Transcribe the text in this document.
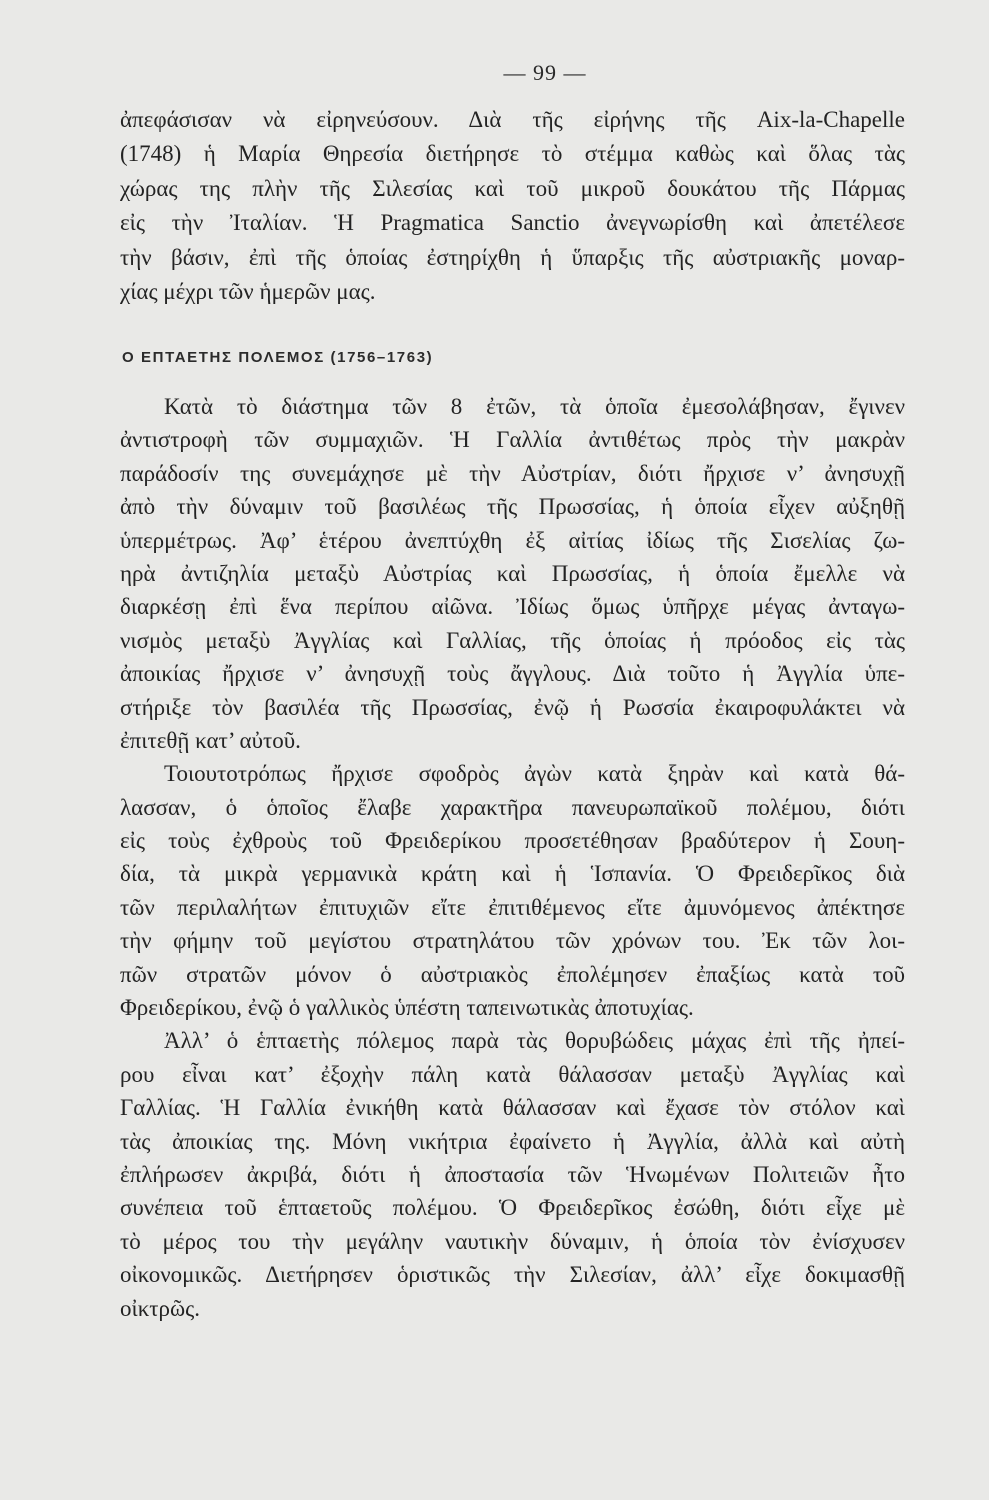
— 99 —
ἀπεφάσισαν νὰ εἰρηνεύσουν. Διὰ τῆς εἰρήνης τῆς Aix-la-Chapelle
(1748) ἡ Μαρία Θηρεσία διετήρησε τὸ στέμμα καθὼς καὶ ὅλας τὰς
χώρας της πλὴν τῆς Σιλεσίας καὶ τοῦ μικροῦ δουκάτου τῆς Πάρμας
εἰς τὴν Ἰταλίαν. Ἡ Pragmatica Sanctio ἀνεγνωρίσθη καὶ ἀπετέλεσε
τὴν βάσιν, ἐπὶ τῆς ὁποίας ἐστηρίχθη ἡ ὕπαρξις τῆς αὐστριακῆς μοναρ-
χίας μέχρι τῶν ἡμερῶν μας.
Ο ΕΠΤΑΕΤΗΣ ΠΟΛΕΜΟΣ (1756–1763)
Κατὰ τὸ διάστημα τῶν 8 ἐτῶν, τὰ ὁποῖα ἐμεσολάβησαν, ἔγινεν
ἀντιστροφὴ τῶν συμμαχιῶν. Ἡ Γαλλία ἀντιθέτως πρὸς τὴν μακρὰν
παράδοσίν της συνεμάχησε μὲ τὴν Αὐστρίαν, διότι ἤρχισε ν’ ἀνησυχῇ
ἀπὸ τὴν δύναμιν τοῦ βασιλέως τῆς Πρωσσίας, ἡ ὁποία εἶχεν αὐξηθῇ
ὑπερμέτρως. Ἀφ’ ἑτέρου ἀνεπτύχθη ἐξ αἰτίας ἰδίως τῆς Σισελίας ζω-
ηρὰ ἀντιζηλία μεταξὺ Αὐστρίας καὶ Πρωσσίας, ἡ ὁποία ἔμελλε νὰ
διαρκέσῃ ἐπὶ ἕνα περίπου αἰῶνα. Ἰδίως ὅμως ὑπῆρχε μέγας ἀνταγω-
νισμὸς μεταξὺ Ἀγγλίας καὶ Γαλλίας, τῆς ὁποίας ἡ πρόοδος εἰς τὰς
ἀποικίας ἤρχισε ν’ ἀνησυχῇ τοὺς ἄγγλους. Διὰ τοῦτο ἡ Ἀγγλία ὑπε-
στήριξε τὸν βασιλέα τῆς Πρωσσίας, ἐνῷ ἡ Ρωσσία ἐκαιροφυλάκτει νὰ
ἐπιτεθῇ κατ’ αὐτοῦ.
Τοιουτοτρόπως ἤρχισε σφοδρὸς ἀγὼν κατὰ ξηρὰν καὶ κατὰ θά-
λασσαν, ὁ ὁποῖος ἔλαβε χαρακτῆρα πανευρωπαϊκοῦ πολέμου, διότι
εἰς τοὺς ἐχθροὺς τοῦ Φρειδερίκου προσετέθησαν βραδύτερον ἡ Σουη-
δία, τὰ μικρὰ γερμανικὰ κράτη καὶ ἡ Ἱσπανία. Ὁ Φρειδερῖκος διὰ
τῶν περιλαλήτων ἐπιτυχιῶν εἴτε ἐπιτιθέμενος εἴτε ἀμυνόμενος ἀπέκτησε
τὴν φήμην τοῦ μεγίστου στρατηλάτου τῶν χρόνων του. Ἐκ τῶν λοι-
πῶν στρατῶν μόνον ὁ αὐστριακὸς ἐπολέμησεν ἐπαξίως κατὰ τοῦ
Φρειδερίκου, ἐνῷ ὁ γαλλικὸς ὑπέστη ταπεινωτικὰς ἀποτυχίας.
Ἀλλ’ ὁ ἑπταετὴς πόλεμος παρὰ τὰς θορυβώδεις μάχας ἐπὶ τῆς ἠπεί-
ρου εἶναι κατ’ ἐξοχὴν πάλη κατὰ θάλασσαν μεταξὺ Ἀγγλίας καὶ
Γαλλίας. Ἡ Γαλλία ἐνικήθη κατὰ θάλασσαν καὶ ἔχασε τὸν στόλον καὶ
τὰς ἀποικίας της. Μόνη νικήτρια ἐφαίνετο ἡ Ἀγγλία, ἀλλὰ καὶ αὐτὴ
ἐπλήρωσεν ἀκριβά, διότι ἡ ἀποστασία τῶν Ἡνωμένων Πολιτειῶν ἦτο
συνέπεια τοῦ ἑπταετοῦς πολέμου. Ὁ Φρειδερῖκος ἐσώθη, διότι εἶχε μὲ
τὸ μέρος του τὴν μεγάλην ναυτικὴν δύναμιν, ἡ ὁποία τὸν ἐνίσχυσεν
οἰκονομικῶς. Διετήρησεν ὁριστικῶς τὴν Σιλεσίαν, ἀλλ’ εἶχε δοκιμασθῇ
οἰκτρῶς.
